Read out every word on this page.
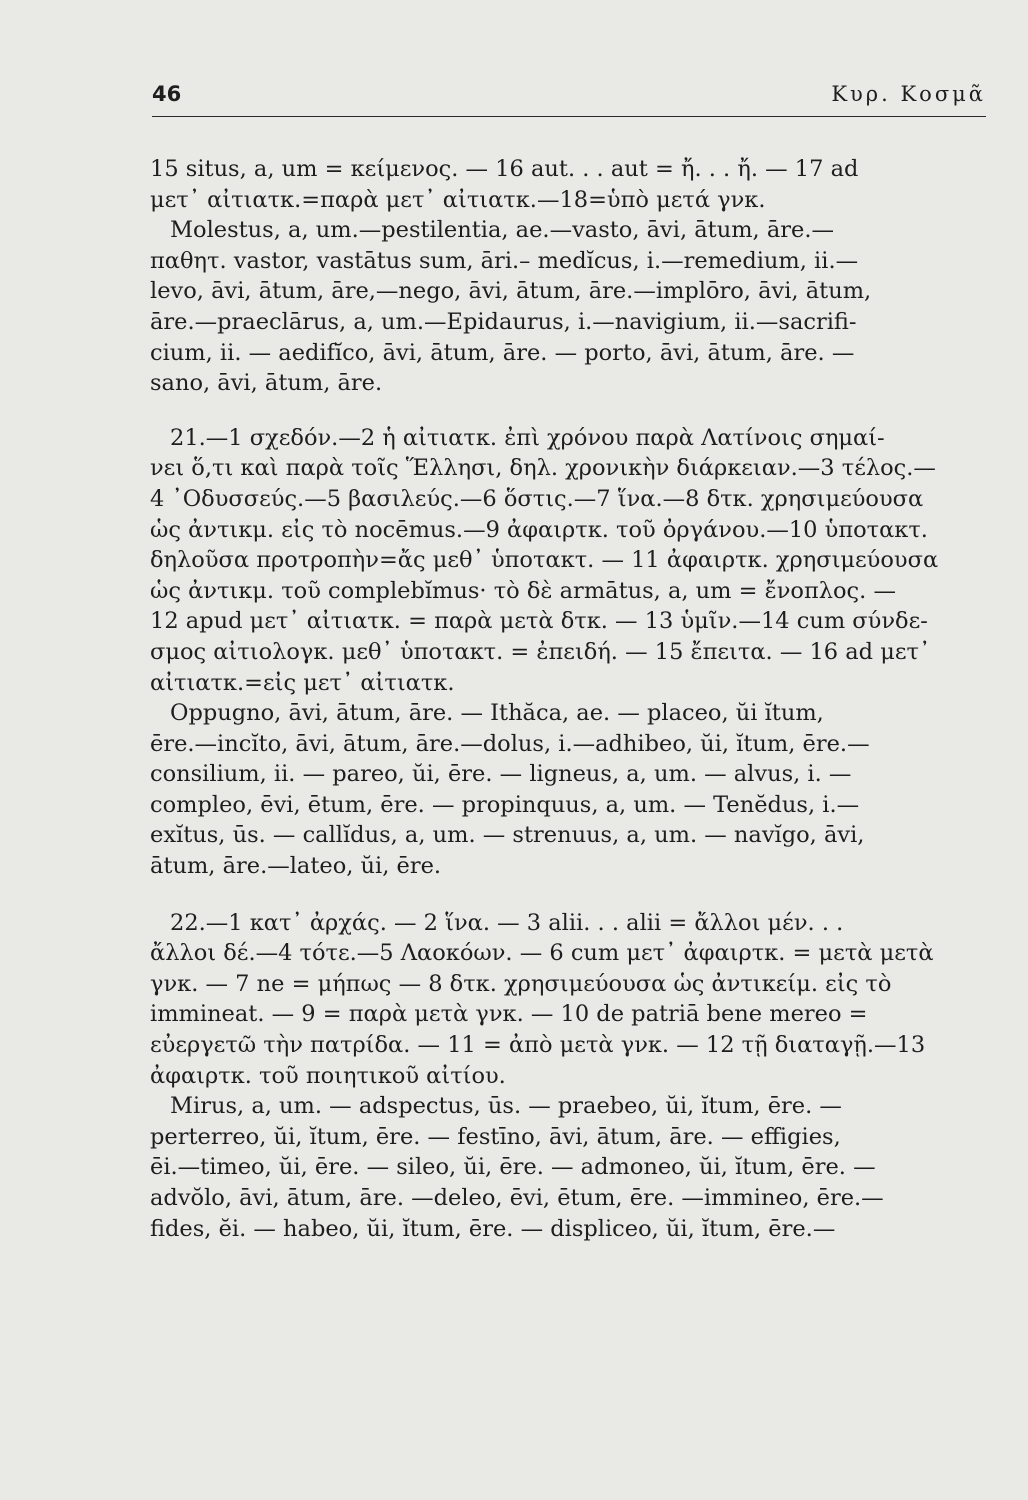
46	Κυρ. Κοσμᾶ
15 situs, a, um = κείμενος. — 16 aut. . . aut = ἤ. . . ἤ. — 17 ad
μετ᾽ αἰτιατκ.=παρὰ μετ᾽ αἰτιατκ.—18=ὑπὸ μετά γνκ.
Molestus, a, um.—pestilentia, ae.—vasto, āvi, ātum, āre.—
παθητ. vastor, vastātus sum, āri.– medĭcus, i.—remedium, ii.—
levo, āvi, ātum, āre,—nego, āvi, ātum, āre.—implōro, āvi, ātum,
āre.—praeclārus, a, um.—Epidaurus, i.—navigium, ii.—sacrifi-
cium, ii. — aedifĭco, āvi, ātum, āre. — porto, āvi, ātum, āre. —
sano, āvi, ātum, āre.
21.—1 σχεδόν.—2 ἡ αἰτιατκ. ἐπὶ χρόνου παρὰ Λατίνοις σημαί-
νει ὅ,τι καὶ παρὰ τοῖς Ἕλλησι, δηλ. χρονικὴν διάρκειαν.—3 τέλος.—
4 ᾿Οδυσσεύς.—5 βασιλεύς.—6 ὅστις.—7 ἵνα.—8 δτκ. χρησιμεύουσα
ὡς ἀντικμ. εἰς τὸ nocēmus.—9 ἀφαιρτκ. τοῦ ὀργάνου.—10 ὑποτακτ.
δηλοῦσα προτροπὴν=ἄς μεθ᾽ ὑποτακτ. — 11 ἀφαιρτκ. χρησιμεύουσα
ὡς ἀντικμ. τοῦ complebĭmus· τὸ δὲ armātus, a, um = ἔνοπλος. —
12 apud μετ᾽ αἰτιατκ. = παρὰ μετὰ δτκ. — 13 ὑμῖν.—14 cum σύνδε-
σμος αἰτιολογκ. μεθ᾽ ὑποτακτ. = ἐπειδή. — 15 ἔπειτα. — 16 ad μετ᾽
αἰτιατκ.=εἰς μετ᾽ αἰτιατκ.
Oppugno, āvi, ātum, āre. — Ithăca, ae. — placeo, ŭi ĭtum,
ēre.—incĭto, āvi, ātum, āre.—dolus, i.—adhibeo, ŭi, ĭtum, ēre.—
consilium, ii. — pareo, ŭi, ēre. — ligneus, a, um. — alvus, i. —
compleo, ēvi, ētum, ēre. — propinquus, a, um. — Tenĕdus, i.—
exĭtus, ūs. — callĭdus, a, um. — strenuus, a, um. — navĭgo, āvi,
ātum, āre.—lateo, ŭi, ēre.
22.—1 κατ᾽ ἀρχάς. — 2 ἵνα. — 3 alii. . . alii = ἄλλοι μέν. . .
ἄλλοι δέ.—4 τότε.—5 Λαοκόων. — 6 cum μετ᾽ ἀφαιρτκ. = μετὰ μετὰ
γνκ. — 7 ne = μήπως — 8 δτκ. χρησιμεύουσα ὡς ἀντικείμ. εἰς τὸ
immineat. — 9 = παρὰ μετὰ γνκ. — 10 de patriā bene mereo =
εὐεργετῶ τὴν πατρίδα. — 11 = ἀπὸ μετὰ γνκ. — 12 τῇ διαταγῇ.—13
ἀφαιρτκ. τοῦ ποιητικοῦ αἰτίου.
Mirus, a, um. — adspectus, ūs. — praebeo, ŭi, ĭtum, ēre. —
perterreo, ŭi, ĭtum, ēre. — festīno, āvi, ātum, āre. — effigies,
ēi.—timeo, ŭi, ēre. — sileo, ŭi, ēre. — admoneo, ŭi, ĭtum, ēre. —
advŏlo, āvi, ātum, āre. —deleo, ēvi, ētum, ēre. —immineo, ēre.—
fides, ĕi. — habeo, ŭi, ĭtum, ēre. — displiceo, ŭi, ĭtum, ēre.—
